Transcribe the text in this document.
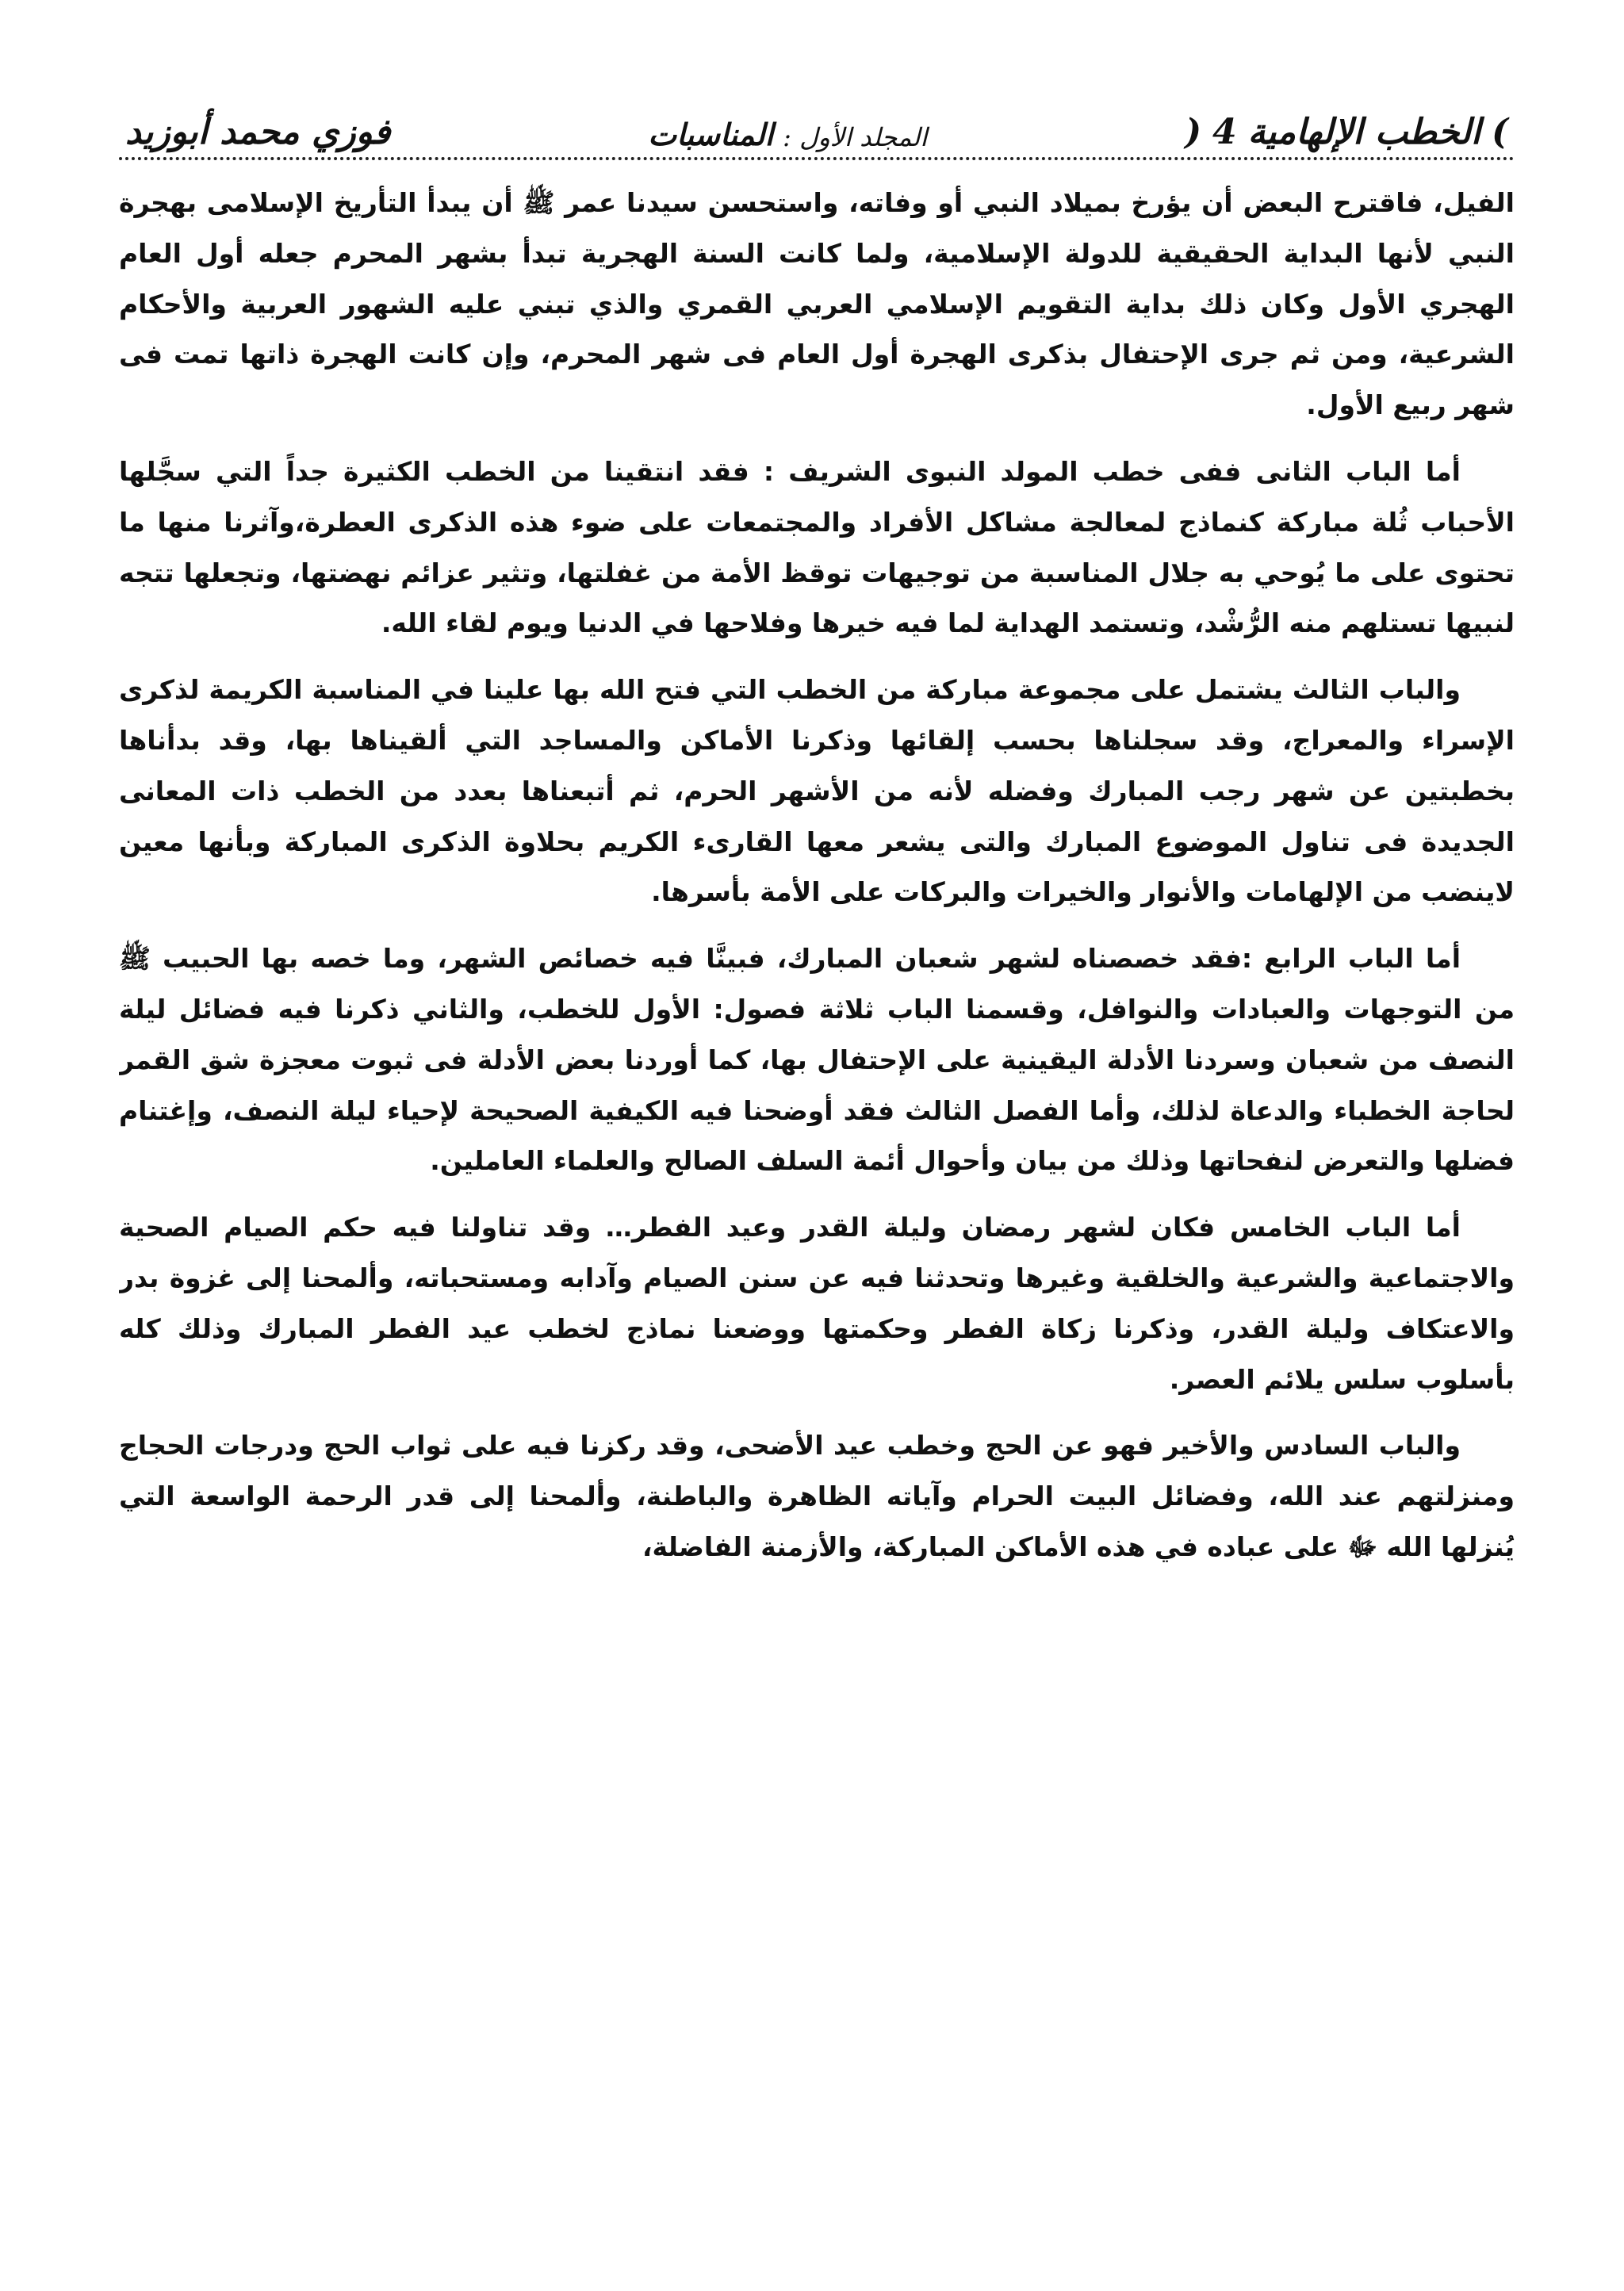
)
الخطب الإلهامية
4
(
المجلد الأول :
المناسبات
فوزي محمد أبوزيد

الفيل، فاقترح البعض أن يؤرخ بميلاد النبي أو وفاته، واستحسن سيدنا عمر ﷺ أن يبدأ التأريخ الإسلامى بهجرة النبي لأنها البداية الحقيقية للدولة الإسلامية، ولما كانت السنة الهجرية تبدأ بشهر المحرم جعله أول العام الهجري الأول وكان ذلك بداية التقويم الإسلامي العربي القمري والذي تبني عليه الشهور العربية والأحكام الشرعية، ومن ثم جرى الإحتفال بذكرى الهجرة أول العام فى شهر المحرم، وإن كانت الهجرة ذاتها تمت فى شهر ربيع الأول.

أما الباب الثانى ففى خطب المولد النبوى الشريف : فقد انتقينا من الخطب الكثيرة جداً التي سجَّلها الأحباب ثُلة مباركة كنماذج لمعالجة مشاكل الأفراد والمجتمعات على ضوء هذه الذكرى العطرة،وآثرنا منها ما تحتوى على ما يُوحي به جلال المناسبة من توجيهات توقظ الأمة من غفلتها، وتثير عزائم نهضتها، وتجعلها تتجه لنبيها تستلهم منه الرُّشْد، وتستمد الهداية لما فيه خيرها وفلاحها في الدنيا ويوم لقاء الله.

والباب الثالث يشتمل على مجموعة مباركة من الخطب التي فتح الله بها علينا في المناسبة الكريمة لذكرى الإسراء والمعراج، وقد سجلناها بحسب إلقائها وذكرنا الأماكن والمساجد التي ألقيناها بها، وقد بدأناها بخطبتين عن شهر رجب المبارك وفضله لأنه من الأشهر الحرم، ثم أتبعناها بعدد من الخطب ذات المعانى الجديدة فى تناول الموضوع المبارك والتى يشعر معها القارىء الكريم بحلاوة الذكرى المباركة وبأنها معين لاينضب من الإلهامات والأنوار والخيرات والبركات على الأمة بأسرها.

أما الباب الرابع :فقد خصصناه لشهر شعبان المبارك، فبينَّا فيه خصائص الشهر، وما خصه بها الحبيب ﷺ من التوجهات والعبادات والنوافل، وقسمنا الباب ثلاثة فصول: الأول للخطب، والثاني ذكرنا فيه فضائل ليلة النصف من شعبان وسردنا الأدلة اليقينية على الإحتفال بها، كما أوردنا بعض الأدلة فى ثبوت معجزة شق القمر لحاجة الخطباء والدعاة لذلك، وأما الفصل الثالث فقد أوضحنا فيه الكيفية الصحيحة لإحياء ليلة النصف، وإغتنام فضلها والتعرض لنفحاتها وذلك من بيان وأحوال أئمة السلف الصالح والعلماء العاملين.

أما الباب الخامس فكان لشهر رمضان وليلة القدر وعيد الفطر… وقد تناولنا فيه حكم الصيام الصحية والاجتماعية والشرعية والخلقية وغيرها وتحدثنا فيه عن سنن الصيام وآدابه ومستحباته، وألمحنا إلى غزوة بدر والاعتكاف وليلة القدر، وذكرنا زكاة الفطر وحكمتها ووضعنا نماذج لخطب عيد الفطر المبارك وذلك كله بأسلوب سلس يلائم العصر.

والباب السادس والأخير فهو عن الحج وخطب عيد الأضحى، وقد ركزنا فيه على ثواب الحج ودرجات الحجاج ومنزلتهم عند الله، وفضائل البيت الحرام وآياته الظاهرة والباطنة، وألمحنا إلى قدر الرحمة الواسعة التي يُنزلها الله ﷻ على عباده في هذه الأماكن المباركة، والأزمنة الفاضلة،
